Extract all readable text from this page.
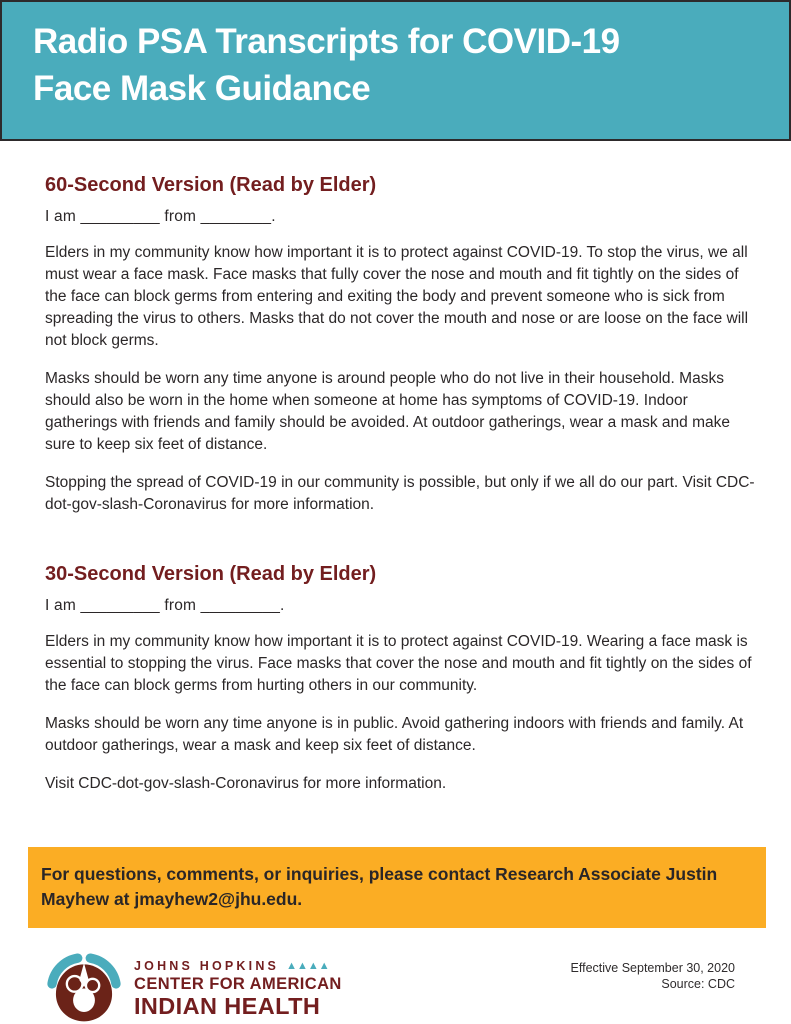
Radio PSA Transcripts for COVID-19
Face Mask Guidance
60-Second Version (Read by Elder)
I am _________ from ________.

Elders in my community know how important it is to protect against COVID-19. To stop the virus, we all must wear a face mask. Face masks that fully cover the nose and mouth and fit tightly on the sides of the face can block germs from entering and exiting the body and prevent someone who is sick from spreading the virus to others. Masks that do not cover the mouth and nose or are loose on the face will not block germs.

Masks should be worn any time anyone is around people who do not live in their household. Masks should also be worn in the home when someone at home has symptoms of COVID-19. Indoor gatherings with friends and family should be avoided. At outdoor gatherings, wear a mask and make sure to keep six feet of distance.

Stopping the spread of COVID-19 in our community is possible, but only if we all do our part. Visit CDC-dot-gov-slash-Coronavirus for more information.

30-Second Version (Read by Elder)
I am _________ from _________.

Elders in my community know how important it is to protect against COVID-19. Wearing a face mask is essential to stopping the virus. Face masks that cover the nose and mouth and fit tightly on the sides of the face can block germs from hurting others in our community.

Masks should be worn any time anyone is in public. Avoid gathering indoors with friends and family. At outdoor gatherings, wear a mask and keep six feet of distance.

Visit CDC-dot-gov-slash-Coronavirus for more information.

For questions, comments, or inquiries, please contact Research Associate Justin Mayhew at jmayhew2@jhu.edu.
JOHNS HOPKINS ▲▲▲▲
CENTER FOR AMERICAN
INDIAN HEALTH
Effective September 30, 2020
Source: CDC
